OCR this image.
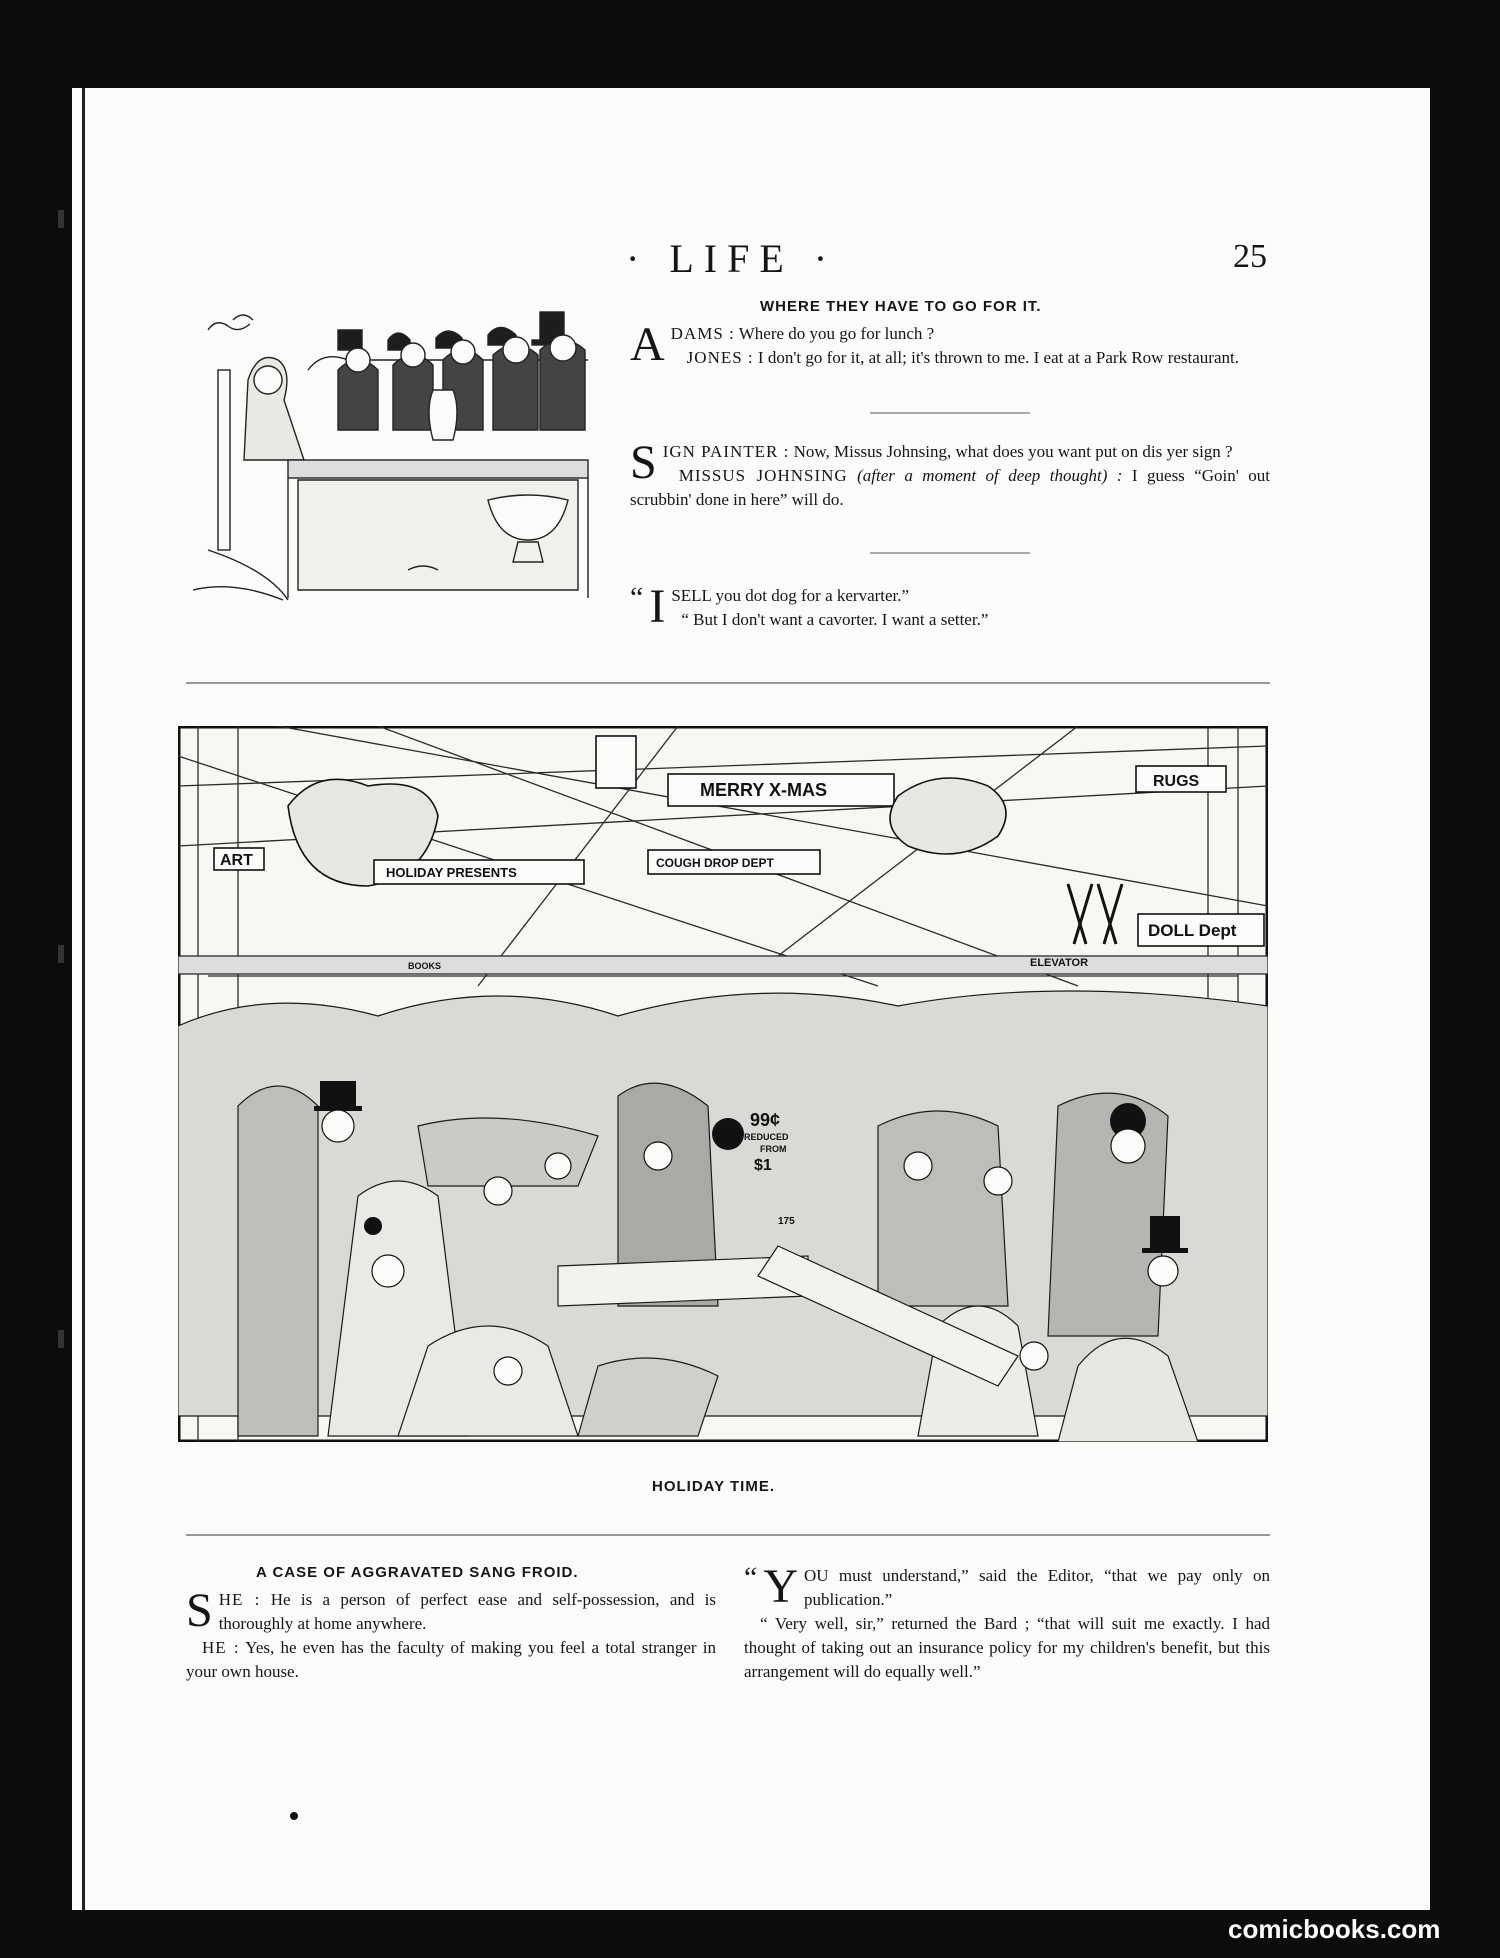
· LIFE ·	25
WHERE THEY HAVE TO GO FOR IT.
A DAMS : Where do you go for lunch ?
JONES : I don't go for it, at all; it's thrown to me. I eat at a Park Row restaurant.
S IGN PAINTER : Now, Missus Johnsing, what does you want put on dis yer sign ?
MISSUS JOHNSING (after a moment of deep thought) : I guess “Goin' out scrubbin' done in here” will do.
“ I SELL you dot dog for a kervarter.”
“ But I don't want a cavorter. I want a setter.”
MERRY X-MAS
ART
HOLIDAY PRESENTS
COUGH DROP DEPT
RUGS
DOLL Dept
ELEVATOR
BOOKS
99¢
REDUCED
FROM
$1
175
HOLIDAY TIME.
A CASE OF AGGRAVATED SANG FROID.
S HE : He is a person of perfect ease and self-possession, and is thoroughly at home anywhere.
HE : Yes, he even has the faculty of making you feel a total stranger in your own house.
“ Y OU must understand,” said the Editor, “that we pay only on publication.”
“ Very well, sir,” returned the Bard ; “that will suit me exactly. I had thought of taking out an insurance policy for my children's benefit, but this arrangement will do equally well.”
comicbooks.com
